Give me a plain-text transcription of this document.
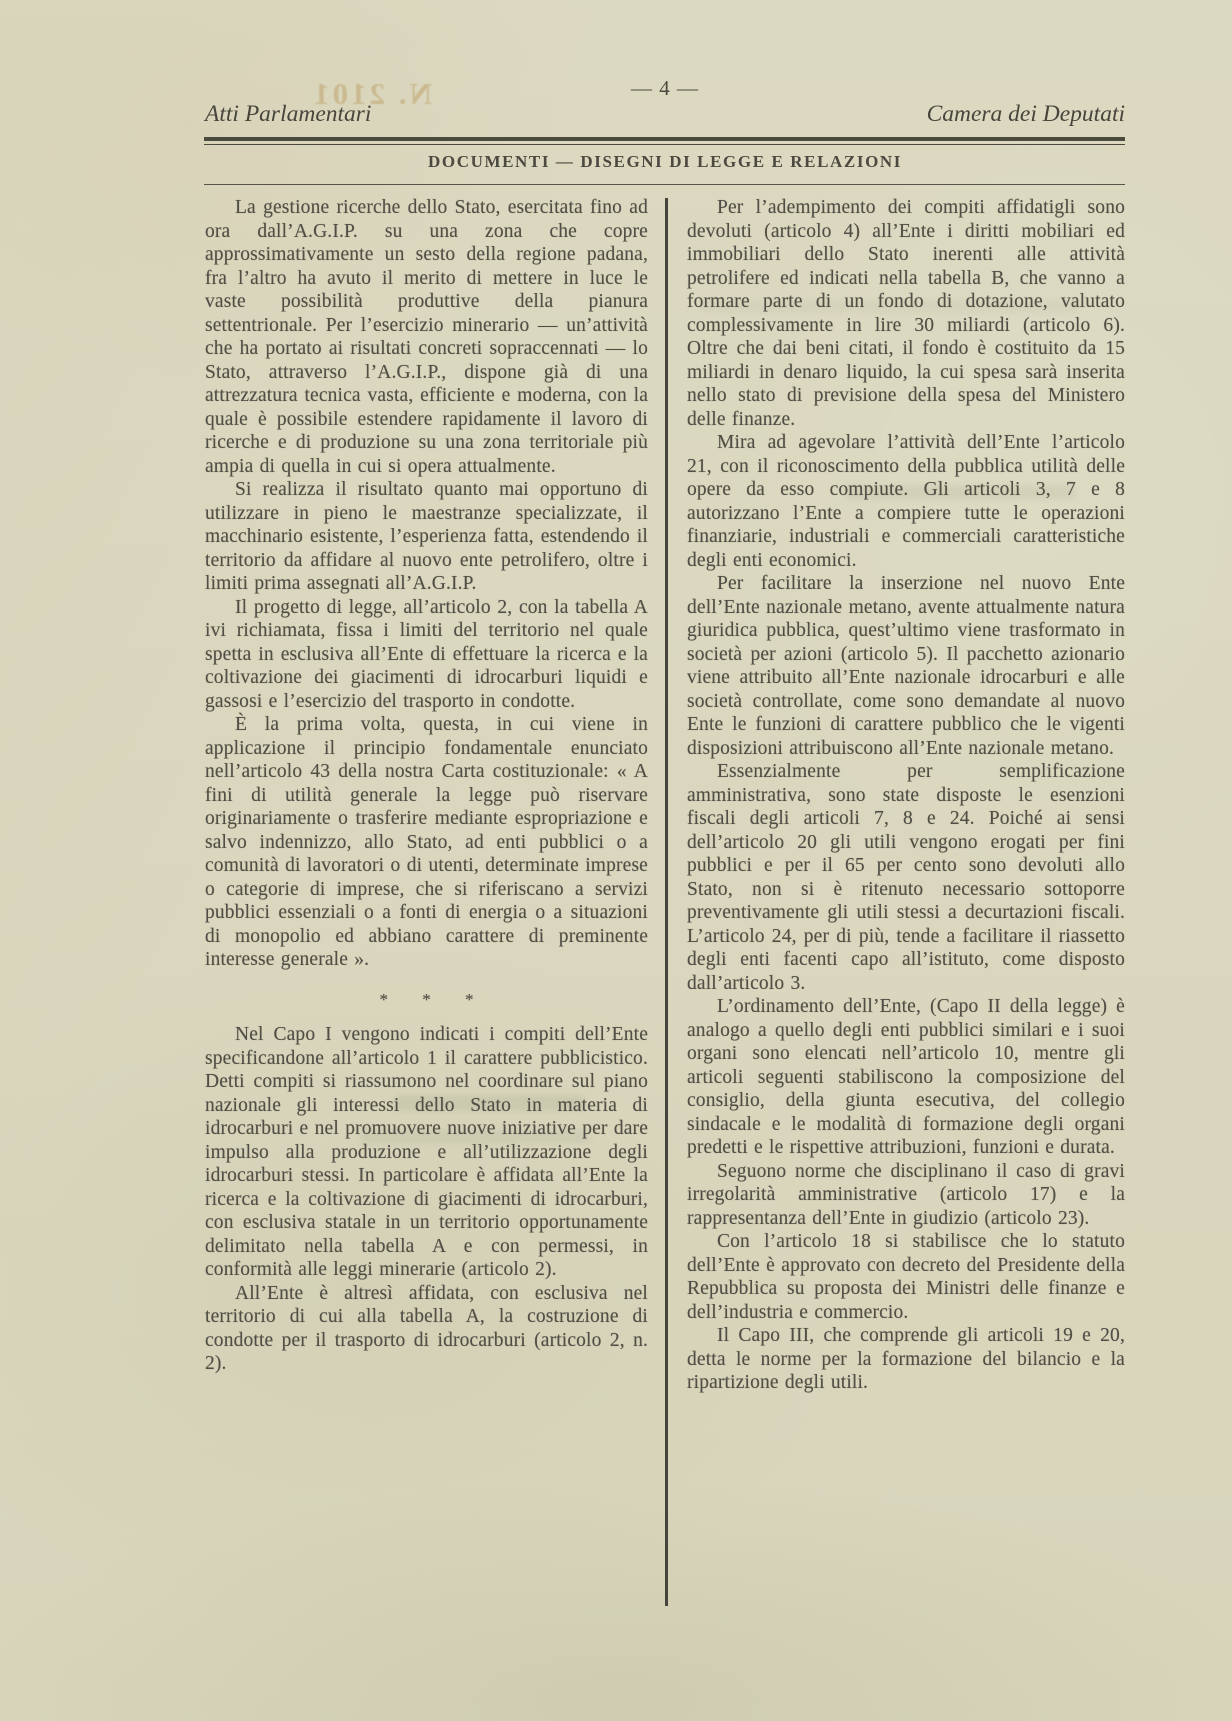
N. 2101	— 4 —
Atti Parlamentari	Camera dei Deputati
DOCUMENTI — DISEGNI DI LEGGE E RELAZIONI

La gestione ricerche dello Stato, esercitata fino ad ora dall’A.G.I.P. su una zona che copre approssimativamente un sesto della regione padana, fra l’altro ha avuto il merito di mettere in luce le vaste possibilità produttive della pianura settentrionale. Per l’esercizio minerario — un’attività che ha portato ai risultati concreti sopraccennati — lo Stato, attraverso l’A.G.I.P., dispone già di una attrezzatura tecnica vasta, efficiente e moderna, con la quale è possibile estendere rapidamente il lavoro di ricerche e di produzione su una zona territoriale più ampia di quella in cui si opera attualmente.

Si realizza il risultato quanto mai opportuno di utilizzare in pieno le maestranze specializzate, il macchinario esistente, l’esperienza fatta, estendendo il territorio da affidare al nuovo ente petrolifero, oltre i limiti prima assegnati all’A.G.I.P.

Il progetto di legge, all’articolo 2, con la tabella A ivi richiamata, fissa i limiti del territorio nel quale spetta in esclusiva all’Ente di effettuare la ricerca e la coltivazione dei giacimenti di idrocarburi liquidi e gassosi e l’esercizio del trasporto in condotte.

È la prima volta, questa, in cui viene in applicazione il principio fondamentale enunciato nell’articolo 43 della nostra Carta costituzionale: « A fini di utilità generale la legge può riservare originariamente o trasferire mediante espropriazione e salvo indennizzo, allo Stato, ad enti pubblici o a comunità di lavoratori o di utenti, determinate imprese o categorie di imprese, che si riferiscano a servizi pubblici essenziali o a fonti di energia o a situazioni di monopolio ed abbiano carattere di preminente interesse generale ».

* * *

Nel Capo I vengono indicati i compiti dell’Ente specificandone all’articolo 1 il carattere pubblicistico. Detti compiti si riassumono nel coordinare sul piano nazionale gli interessi dello Stato in materia di idrocarburi e nel promuovere nuove iniziative per dare impulso alla produzione e all’utilizzazione degli idrocarburi stessi. In particolare è affidata all’Ente la ricerca e la coltivazione di giacimenti di idrocarburi, con esclusiva statale in un territorio opportunamente delimitato nella tabella A e con permessi, in conformità alle leggi minerarie (articolo 2).

All’Ente è altresì affidata, con esclusiva nel territorio di cui alla tabella A, la costruzione di condotte per il trasporto di idrocarburi (articolo 2, n. 2).

Per l’adempimento dei compiti affidatigli sono devoluti (articolo 4) all’Ente i diritti mobiliari ed immobiliari dello Stato inerenti alle attività petrolifere ed indicati nella tabella B, che vanno a formare parte di un fondo di dotazione, valutato complessivamente in lire 30 miliardi (articolo 6). Oltre che dai beni citati, il fondo è costituito da 15 miliardi in denaro liquido, la cui spesa sarà inserita nello stato di previsione della spesa del Ministero delle finanze.

Mira ad agevolare l’attività dell’Ente l’articolo 21, con il riconoscimento della pubblica utilità delle opere da esso compiute. Gli articoli 3, 7 e 8 autorizzano l’Ente a compiere tutte le operazioni finanziarie, industriali e commerciali caratteristiche degli enti economici.

Per facilitare la inserzione nel nuovo Ente dell’Ente nazionale metano, avente attualmente natura giuridica pubblica, quest’ultimo viene trasformato in società per azioni (articolo 5). Il pacchetto azionario viene attribuito all’Ente nazionale idrocarburi e alle società controllate, come sono demandate al nuovo Ente le funzioni di carattere pubblico che le vigenti disposizioni attribuiscono all’Ente nazionale metano.

Essenzialmente per semplificazione amministrativa, sono state disposte le esenzioni fiscali degli articoli 7, 8 e 24. Poiché ai sensi dell’articolo 20 gli utili vengono erogati per fini pubblici e per il 65 per cento sono devoluti allo Stato, non si è ritenuto necessario sottoporre preventivamente gli utili stessi a decurtazioni fiscali. L’articolo 24, per di più, tende a facilitare il riassetto degli enti facenti capo all’istituto, come disposto dall’articolo 3.

L’ordinamento dell’Ente, (Capo II della legge) è analogo a quello degli enti pubblici similari e i suoi organi sono elencati nell’articolo 10, mentre gli articoli seguenti stabiliscono la composizione del consiglio, della giunta esecutiva, del collegio sindacale e le modalità di formazione degli organi predetti e le rispettive attribuzioni, funzioni e durata.

Seguono norme che disciplinano il caso di gravi irregolarità amministrative (articolo 17) e la rappresentanza dell’Ente in giudizio (articolo 23).

Con l’articolo 18 si stabilisce che lo statuto dell’Ente è approvato con decreto del Presidente della Repubblica su proposta dei Ministri delle finanze e dell’industria e commercio.

Il Capo III, che comprende gli articoli 19 e 20, detta le norme per la formazione del bilancio e la ripartizione degli utili.
